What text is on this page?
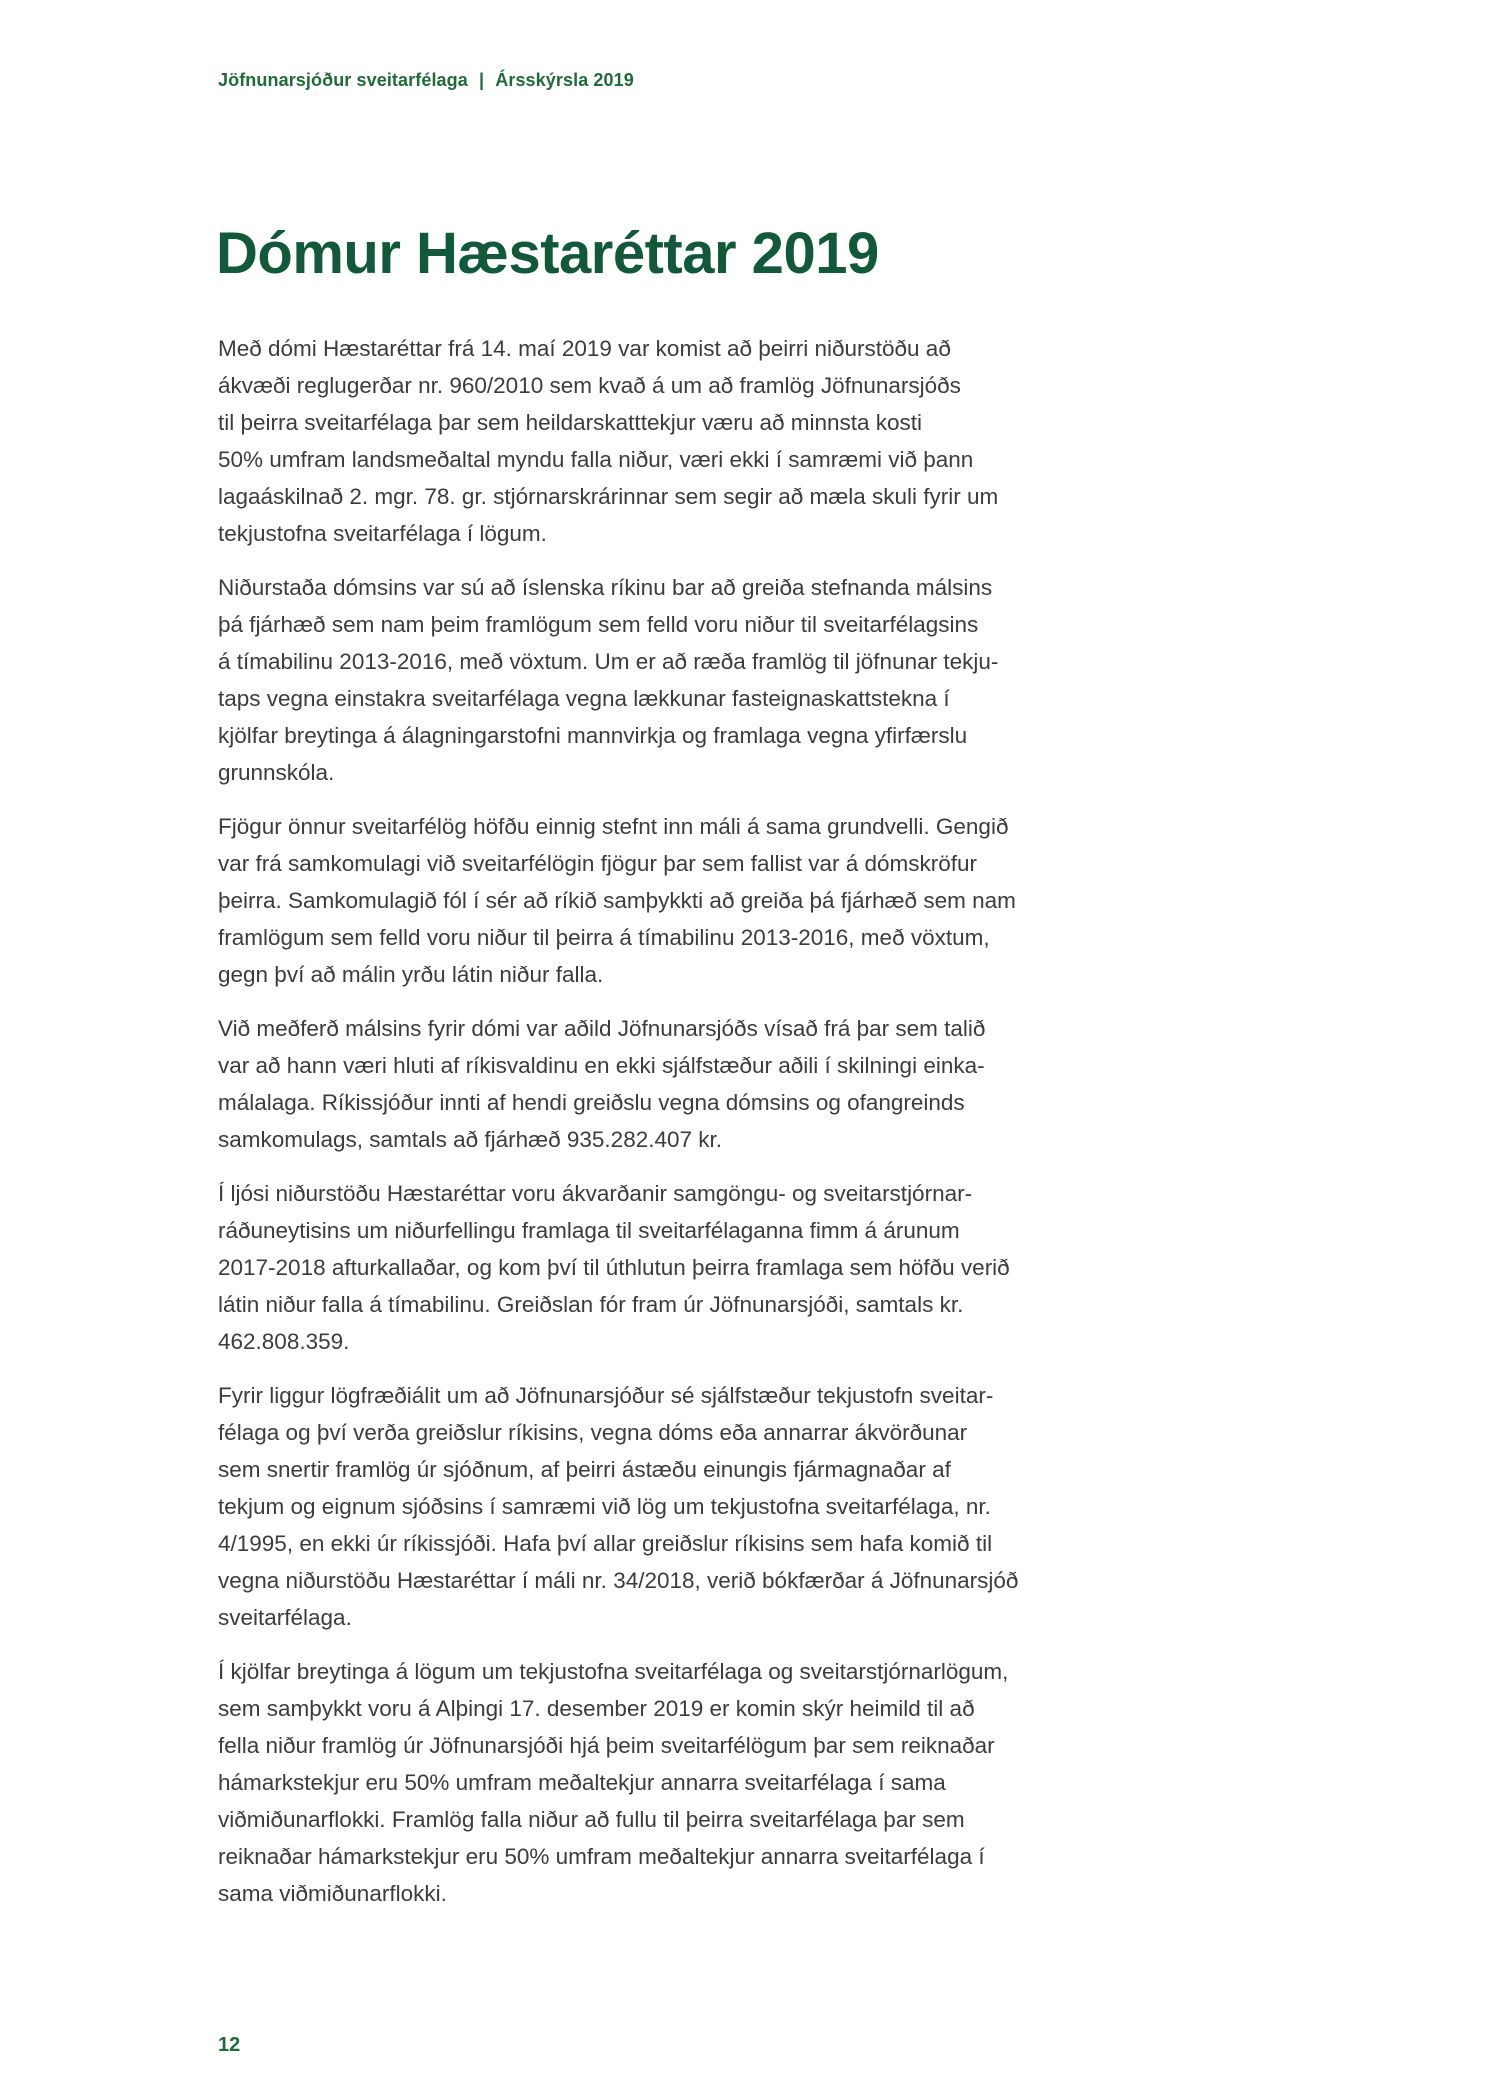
Jöfnunarsjóður sveitarfélaga | Ársskýrsla 2019
Dómur Hæstaréttar 2019

Með dómi Hæstaréttar frá 14. maí 2019 var komist að þeirri niðurstöðu að
ákvæði reglugerðar nr. 960/2010 sem kvað á um að framlög Jöfnunarsjóðs
til þeirra sveitarfélaga þar sem heildarskatttekjur væru að minnsta kosti
50% umfram landsmeðaltal myndu falla niður, væri ekki í samræmi við þann
lagaáskilnað 2. mgr. 78. gr. stjórnarskrárinnar sem segir að mæla skuli fyrir um
tekjustofna sveitarfélaga í lögum.

Niðurstaða dómsins var sú að íslenska ríkinu bar að greiða stefnanda málsins
þá fjárhæð sem nam þeim framlögum sem felld voru niður til sveitarfélagsins
á tímabilinu 2013-2016, með vöxtum. Um er að ræða framlög til jöfnunar tekju-
taps vegna einstakra sveitarfélaga vegna lækkunar fasteignaskattstekna í
kjölfar breytinga á álagningarstofni mannvirkja og framlaga vegna yfirfærslu
grunnskóla.

Fjögur önnur sveitarfélög höfðu einnig stefnt inn máli á sama grundvelli. Gengið
var frá samkomulagi við sveitarfélögin fjögur þar sem fallist var á dómskröfur
þeirra. Samkomulagið fól í sér að ríkið samþykkti að greiða þá fjárhæð sem nam
framlögum sem felld voru niður til þeirra á tímabilinu 2013-2016, með vöxtum,
gegn því að málin yrðu látin niður falla.

Við meðferð málsins fyrir dómi var aðild Jöfnunarsjóðs vísað frá þar sem talið
var að hann væri hluti af ríkisvaldinu en ekki sjálfstæður aðili í skilningi einka-
málalaga. Ríkissjóður innti af hendi greiðslu vegna dómsins og ofangreinds
samkomulags, samtals að fjárhæð 935.282.407 kr.

Í ljósi niðurstöðu Hæstaréttar voru ákvarðanir samgöngu- og sveitarstjórnar-
ráðuneytisins um niðurfellingu framlaga til sveitarfélaganna fimm á árunum
2017-2018 afturkallaðar, og kom því til úthlutun þeirra framlaga sem höfðu verið
látin niður falla á tímabilinu. Greiðslan fór fram úr Jöfnunarsjóði, samtals kr.
462.808.359.

Fyrir liggur lögfræðiálit um að Jöfnunarsjóður sé sjálfstæður tekjustofn sveitar-
félaga og því verða greiðslur ríkisins, vegna dóms eða annarrar ákvörðunar
sem snertir framlög úr sjóðnum, af þeirri ástæðu einungis fjármagnaðar af
tekjum og eignum sjóðsins í samræmi við lög um tekjustofna sveitarfélaga, nr.
4/1995, en ekki úr ríkissjóði. Hafa því allar greiðslur ríkisins sem hafa komið til
vegna niðurstöðu Hæstaréttar í máli nr. 34/2018, verið bókfærðar á Jöfnunarsjóð
sveitarfélaga.

Í kjölfar breytinga á lögum um tekjustofna sveitarfélaga og sveitarstjórnarlögum,
sem samþykkt voru á Alþingi 17. desember 2019 er komin skýr heimild til að
fella niður framlög úr Jöfnunarsjóði hjá þeim sveitarfélögum þar sem reiknaðar
hámarkstekjur eru 50% umfram meðaltekjur annarra sveitarfélaga í sama
viðmiðunarflokki. Framlög falla niður að fullu til þeirra sveitarfélaga þar sem
reiknaðar hámarkstekjur eru 50% umfram meðaltekjur annarra sveitarfélaga í
sama viðmiðunarflokki.

12
